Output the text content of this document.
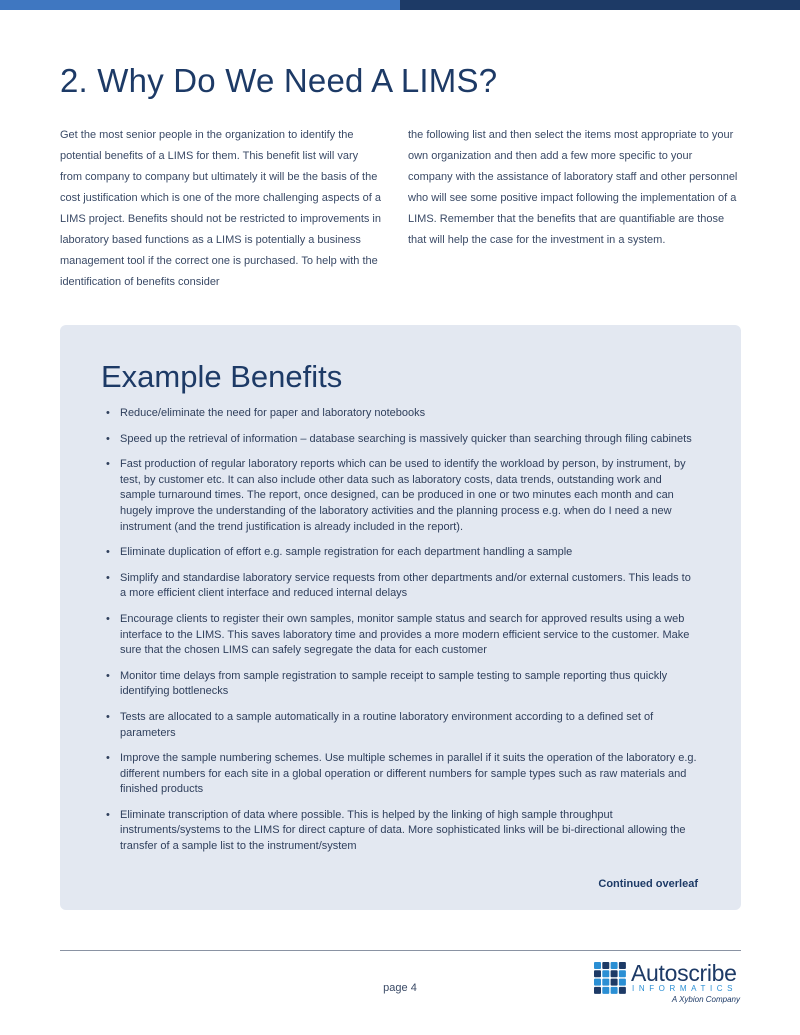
2. Why Do We Need A LIMS?

Get the most senior people in the organization to identify the potential benefits of a LIMS for them. This benefit list will vary from company to company but ultimately it will be the basis of the cost justification which is one of the more challenging aspects of a LIMS project. Benefits should not be restricted to improvements in laboratory based functions as a LIMS is potentially a business management tool if the correct one is purchased. To help with the identification of benefits consider

the following list and then select the items most appropriate to your own organization and then add a few more specific to your company with the assistance of laboratory staff and other personnel who will see some positive impact following the implementation of a LIMS. Remember that the benefits that are quantifiable are those that will help the case for the investment in a system.

Example Benefits
• Reduce/eliminate the need for paper and laboratory notebooks
• Speed up the retrieval of information – database searching is massively quicker than searching through filing cabinets
• Fast production of regular laboratory reports which can be used to identify the workload by person, by instrument, by test, by customer etc. It can also include other data such as laboratory costs, data trends, outstanding work and sample turnaround times. The report, once designed, can be produced in one or two minutes each month and can hugely improve the understanding of the laboratory activities and the planning process e.g. when do I need a new instrument (and the trend justification is already included in the report).
• Eliminate duplication of effort e.g. sample registration for each department handling a sample
• Simplify and standardise laboratory service requests from other departments and/or external customers. This leads to a more efficient client interface and reduced internal delays
• Encourage clients to register their own samples, monitor sample status and search for approved results using a web interface to the LIMS. This saves laboratory time and provides a more modern efficient service to the customer. Make sure that the chosen LIMS can safely segregate the data for each customer
• Monitor time delays from sample registration to sample receipt to sample testing to sample reporting thus quickly identifying bottlenecks
• Tests are allocated to a sample automatically in a routine laboratory environment according to a defined set of parameters
• Improve the sample numbering schemes. Use multiple schemes in parallel if it suits the operation of the laboratory e.g. different numbers for each site in a global operation or different numbers for sample types such as raw materials and finished products
• Eliminate transcription of data where possible. This is helped by the linking of high sample throughput instruments/systems to the LIMS for direct capture of data. More sophisticated links will be bi-directional allowing the transfer of a sample list to the instrument/system
Continued overleaf
page 4
Autoscribe
INFORMATICS
A Xybion Company
